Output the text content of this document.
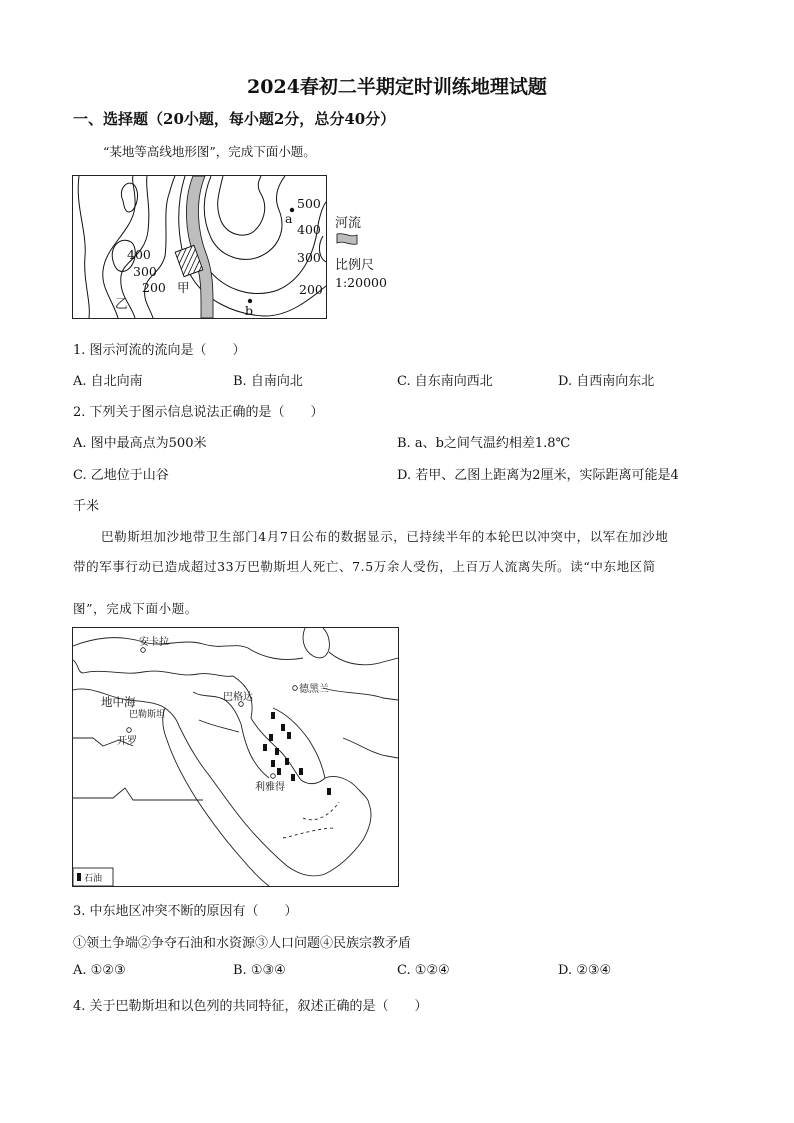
2024春初二半期定时训练地理试题
一、选择题（20小题，每小题2分，总分40分）
“某地等高线地形图”，完成下面小题。
500
400
300
200
400
300
200
a
b
甲
乙
河流
比例尺
1:20000
1. 图示河流的流向是（　　）
A. 自北向南	B. 自南向北	C. 自东南向西北	D. 自西南向东北
2. 下列关于图示信息说法正确的是（　　）
A. 图中最高点为500米	B. a、b之间气温约相差1.8℃
C. 乙地位于山谷	D. 若甲、乙图上距离为2厘米，实际距离可能是4
千米
巴勒斯坦加沙地带卫生部门4月7日公布的数据显示，已持续半年的本轮巴以冲突中，以军在加沙地
带的军事行动已造成超过33万巴勒斯坦人死亡、7.5万余人受伤，上百万人流离失所。读“中东地区简
图”，完成下面小题。
安卡拉
巴格达
德黑兰
地中海
巴勒斯坦
开罗
利雅得
石油
3. 中东地区冲突不断的原因有（　　）
①领土争端②争夺石油和水资源③人口问题④民族宗教矛盾
A. ①②③	B. ①③④	C. ①②④	D. ②③④
4. 关于巴勒斯坦和以色列的共同特征，叙述正确的是（　　）
